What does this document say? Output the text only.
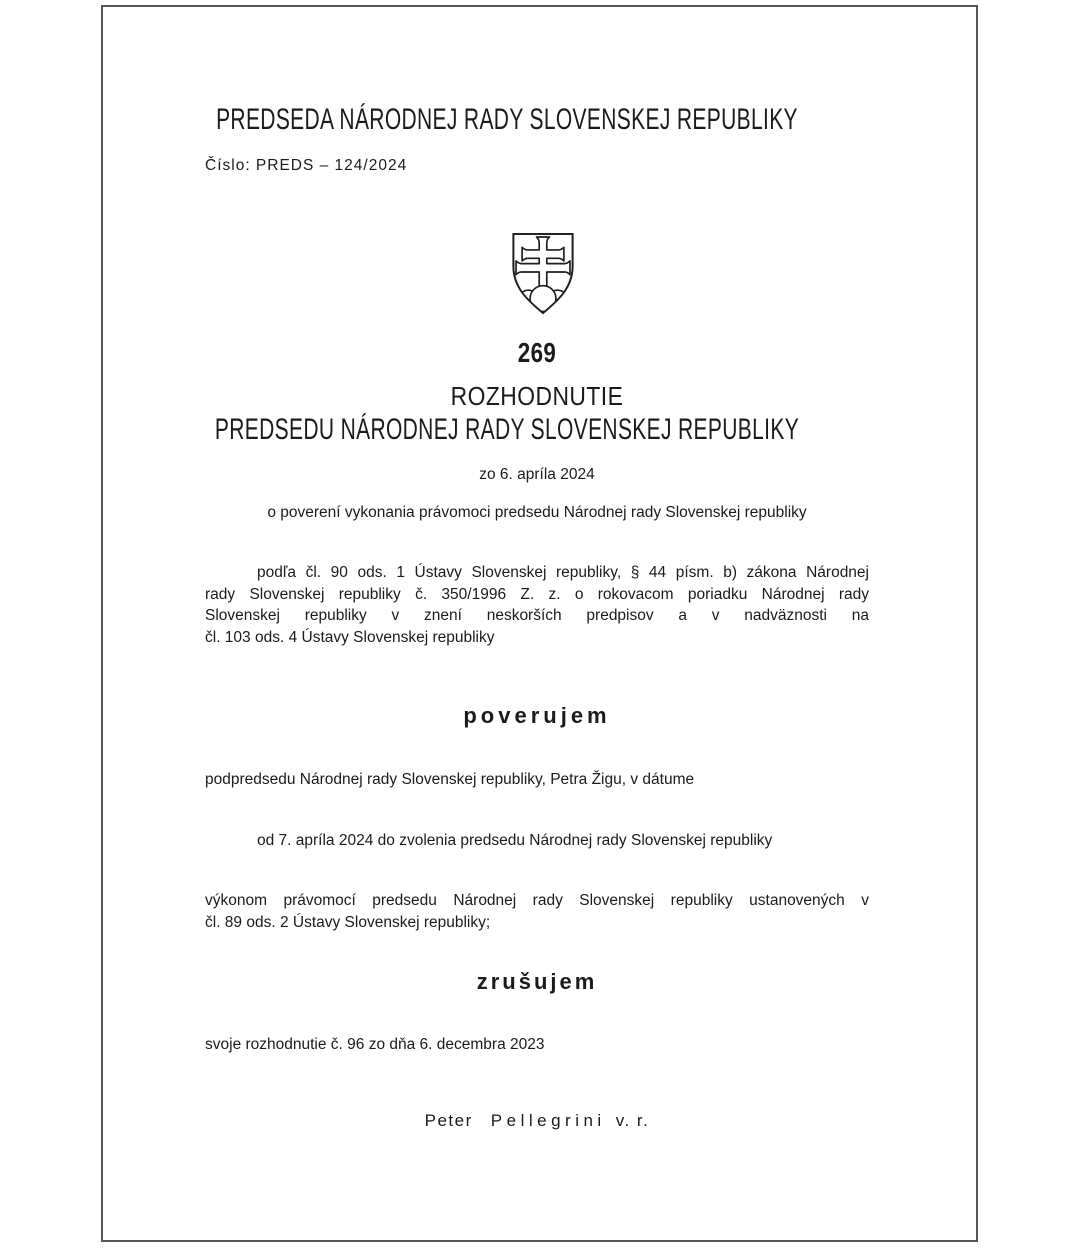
PREDSEDA NÁRODNEJ RADY SLOVENSKEJ REPUBLIKY
Číslo: PREDS – 124/2024
269
ROZHODNUTIE
PREDSEDU NÁRODNEJ RADY SLOVENSKEJ REPUBLIKY
zo 6. apríla 2024
o poverení vykonania právomoci predsedu Národnej rady Slovenskej republiky
podľa čl. 90 ods. 1 Ústavy Slovenskej republiky, § 44 písm. b) zákona Národnej
rady Slovenskej republiky č. 350/1996 Z. z. o rokovacom poriadku Národnej rady
Slovenskej republiky v znení neskorších predpisov a v nadväznosti na
čl. 103 ods. 4 Ústavy Slovenskej republiky
poverujem
podpredsedu Národnej rady Slovenskej republiky, Petra Žigu, v dátume
od 7. apríla 2024 do zvolenia predsedu Národnej rady Slovenskej republiky
výkonom právomocí predsedu Národnej rady Slovenskej republiky ustanovených v
čl. 89 ods. 2 Ústavy Slovenskej republiky;
zrušujem
svoje rozhodnutie č. 96 zo dňa 6. decembra 2023
Peter Pellegrini v. r.
